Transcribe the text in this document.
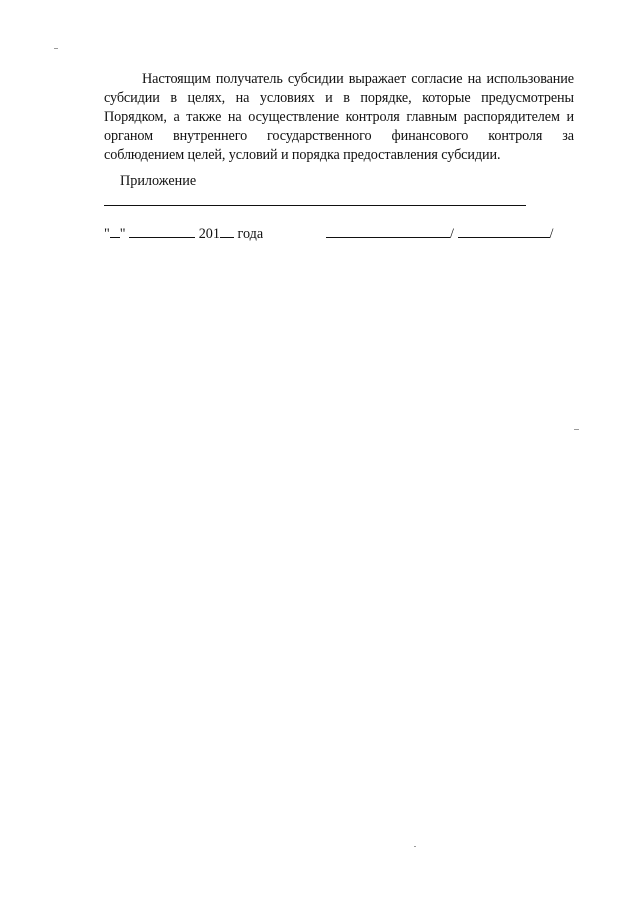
Настоящим получатель субсидии выражает согласие на использование субсидии в целях, на условиях и в порядке, которые предусмотрены Порядком, а также на осуществление контроля главным распорядителем и органом внутреннего государственного финансового контроля за соблюдением целей, условий и порядка предоставления субсидии.

Приложение

" "	201 года	/	/
